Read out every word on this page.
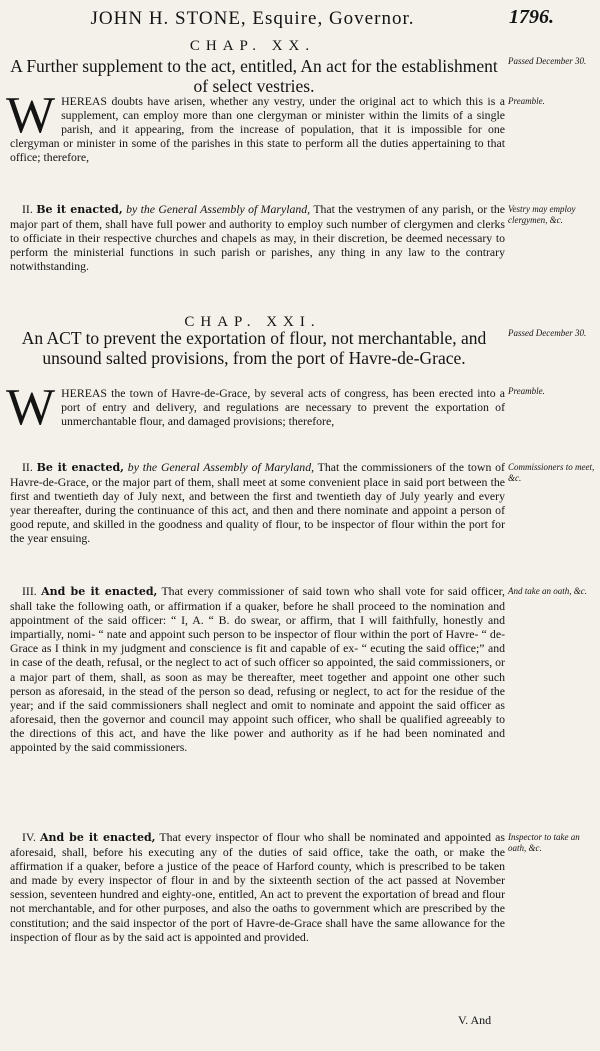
JOHN H. STONE, Esquire, Governor.	1796.
CHAP. XX.
A Further supplement to the act, entitled, An act for the establishment of select vestries.
Passed December 30.
Preamble.

WHEREAS doubts have arisen, whether any vestry, under the original act to which this is a supplement, can employ more than one clergyman or minister within the limits of a single parish, and it appearing, from the increase of population, that it is impossible for one clergyman or minister in some of the parishes in this state to perform all the duties appertaining to that office; therefore,

Vestry may employ clergymen, &c.

II. Be it enacted, by the General Assembly of Maryland, That the vestrymen of any parish, or the major part of them, shall have full power and authority to employ such number of clergymen and clerks to officiate in their respective churches and chapels as may, in their discretion, be deemed necessary to perform the ministerial functions in such parish or parishes, any thing in any law to the contrary notwithstanding.

CHAP. XXI.
An ACT to prevent the exportation of flour, not merchantable, and unsound salted provisions, from the port of Havre-de-Grace.
Passed December 30.
Preamble.

WHEREAS the town of Havre-de-Grace, by several acts of congress, has been erected into a port of entry and delivery, and regulations are necessary to prevent the exportation of unmerchantable flour, and damaged provisions; therefore,

Commissioners to meet, &c.

II. Be it enacted, by the General Assembly of Maryland, That the commissioners of the town of Havre-de-Grace, or the major part of them, shall meet at some convenient place in said port between the first and twentieth day of July next, and between the first and twentieth day of July yearly and every year thereafter, during the continuance of this act, and then and there nominate and appoint a person of good repute, and skilled in the goodness and quality of flour, to be inspector of flour within the port for the year ensuing.

And take an oath, &c.

III. And be it enacted, That every commissioner of said town who shall vote for said officer, shall take the following oath, or affirmation if a quaker, before he shall proceed to the nomination and appointment of the said officer: “ I, A. “ B. do swear, or affirm, that I will faithfully, honestly and impartially, nomi- “ nate and appoint such person to be inspector of flour within the port of Havre- “ de-Grace as I think in my judgment and conscience is fit and capable of ex- “ ecuting the said office;” and in case of the death, refusal, or the neglect to act of such officer so appointed, the said commissioners, or a major part of them, shall, as soon as may be thereafter, meet together and appoint one other such person as aforesaid, in the stead of the person so dead, refusing or neglect, to act for the residue of the year; and if the said commissioners shall neglect and omit to nominate and appoint the said officer as aforesaid, then the governor and council may appoint such officer, who shall be qualified agreeably to the directions of this act, and have the like power and authority as if he had been nominated and appointed by the said commissioners.

Inspector to take an oath, &c.

IV. And be it enacted, That every inspector of flour who shall be nominated and appointed as aforesaid, shall, before his executing any of the duties of said office, take the oath, or make the affirmation if a quaker, before a justice of the peace of Harford county, which is prescribed to be taken and made by every inspector of flour in and by the sixteenth section of the act passed at November session, seventeen hundred and eighty-one, entitled, An act to prevent the exportation of bread and flour not merchantable, and for other purposes, and also the oaths to government which are prescribed by the constitution; and the said inspector of the port of Havre-de-Grace shall have the same allowance for the inspection of flour as by the said act is appointed and provided.

V. And
